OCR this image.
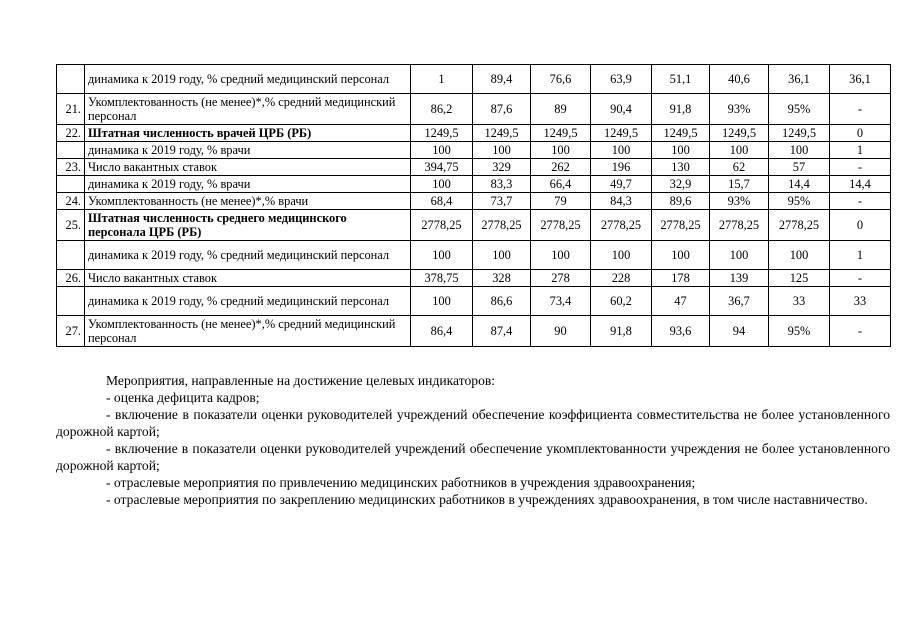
	динамика к 2019 году, % средний медицинский персонал	1	89,4	76,6	63,9	51,1	40,6	36,1	36,1
21.	Укомплектованность (не менее)*,% средний медицинский персонал	86,2	87,6	89	90,4	91,8	93%	95%	-
22.	Штатная численность врачей ЦРБ (РБ)	1249,5	1249,5	1249,5	1249,5	1249,5	1249,5	1249,5	0
	динамика к 2019 году, % врачи	100	100	100	100	100	100	100	1
23.	Число вакантных ставок	394,75	329	262	196	130	62	57	-
	динамика к 2019 году, % врачи	100	83,3	66,4	49,7	32,9	15,7	14,4	14,4
24.	Укомплектованность (не менее)*,% врачи	68,4	73,7	79	84,3	89,6	93%	95%	-
25.	Штатная численность среднего медицинского персонала ЦРБ (РБ)	2778,25	2778,25	2778,25	2778,25	2778,25	2778,25	2778,25	0
	динамика к 2019 году, % средний медицинский персонал	100	100	100	100	100	100	100	1
26.	Число вакантных ставок	378,75	328	278	228	178	139	125	-
	динамика к 2019 году, % средний медицинский персонал	100	86,6	73,4	60,2	47	36,7	33	33
27.	Укомплектованность (не менее)*,% средний медицинский персонал	86,4	87,4	90	91,8	93,6	94	95%	-

Мероприятия, направленные на достижение целевых индикаторов:

- оценка дефицита кадров;

- включение в показатели оценки руководителей учреждений обеспечение коэффициента совместительства не более установленного дорожной картой;

- включение в показатели оценки руководителей учреждений обеспечение укомплектованности учреждения не более установленного дорожной картой;

- отраслевые мероприятия по привлечению медицинских работников в учреждения здравоохранения;

- отраслевые мероприятия по закреплению медицинских работников в учреждениях здравоохранения, в том числе наставничество.
